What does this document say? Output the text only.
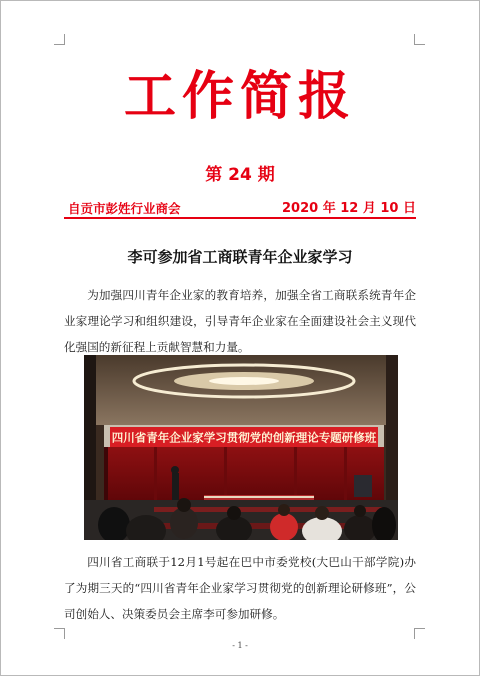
工作简报
第 24 期
自贡市彭姓行业商会	2020 年 12 月 10 日
李可参加省工商联青年企业家学习

为加强四川青年企业家的教育培养，加强全省工商联系统青年企业家理论学习和组织建设，引导青年企业家在全面建设社会主义现代化强国的新征程上贡献智慧和力量。

四川省青年企业家学习贯彻党的创新理论专题研修班

四川省工商联于12月1号起在巴中市委党校(大巴山干部学院)办了为期三天的“四川省青年企业家学习贯彻党的创新理论研修班”，公司创始人、决策委员会主席李可参加研修。

- 1 -
